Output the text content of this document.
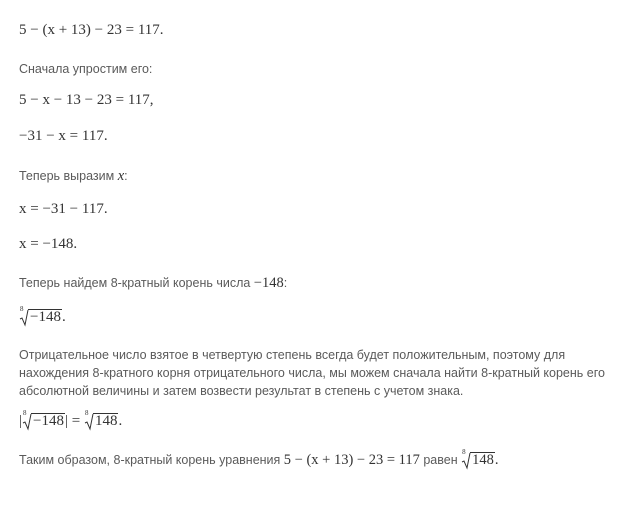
5 − (x + 13) − 23 = 117.
Сначала упростим его:
5 − x − 13 − 23 = 117,
−31 − x = 117.
Теперь выразим x:
x = −31 − 117.
x = −148.
Теперь найдем 8-кратный корень числа −148:
8 −148.
Отрицательное число взятое в четвертую степень всегда будет положительным, поэтому для нахождения 8-кратного корня отрицательного числа, мы можем сначала найти 8-кратный корень его абсолютной величины и затем возвести результат в степень с учетом знака.
| 8 −148| = 8 148.
Таким образом, 8-кратный корень уравнения 5 − (x + 13) − 23 = 117 равен
8 148.
